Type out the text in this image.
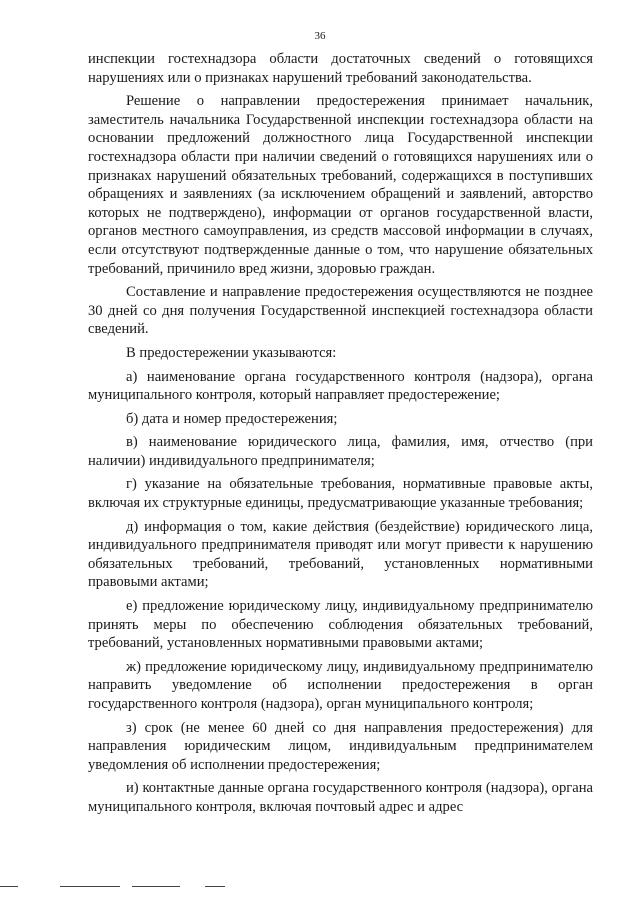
36

инспекции гостехнадзора области достаточных сведений о готовящихся нарушениях или о признаках нарушений требований законодательства.

Решение о направлении предостережения принимает начальник, заместитель начальника Государственной инспекции гостехнадзора области на основании предложений должностного лица Государственной инспекции гостехнадзора области при наличии сведений о готовящихся нарушениях или о признаках нарушений обязательных требований, содержащихся в поступивших обращениях и заявлениях (за исключением обращений и заявлений, авторство которых не подтверждено), информации от органов государственной власти, органов местного самоуправления, из средств массовой информации в случаях, если отсутствуют подтвержденные данные о том, что нарушение обязательных требований, причинило вред жизни, здоровью граждан.

Составление и направление предостережения осуществляются не позднее 30 дней со дня получения Государственной инспекцией гостехнадзора области сведений.

В предостережении указываются:

а) наименование органа государственного контроля (надзора), органа муниципального контроля, который направляет предостережение;

б) дата и номер предостережения;

в) наименование юридического лица, фамилия, имя, отчество (при наличии) индивидуального предпринимателя;

г) указание на обязательные требования, нормативные правовые акты, включая их структурные единицы, предусматривающие указанные требования;

д) информация о том, какие действия (бездействие) юридического лица, индивидуального предпринимателя приводят или могут привести к нарушению обязательных требований, требований, установленных нормативными правовыми актами;

е) предложение юридическому лицу, индивидуальному предпринимателю принять меры по обеспечению соблюдения обязательных требований, требований, установленных нормативными правовыми актами;

ж) предложение юридическому лицу, индивидуальному предпринимателю направить уведомление об исполнении предостережения в орган государственного контроля (надзора), орган муниципального контроля;

з) срок (не менее 60 дней со дня направления предостережения) для направления юридическим лицом, индивидуальным предпринимателем уведомления об исполнении предостережения;

и) контактные данные органа государственного контроля (надзора), органа муниципального контроля, включая почтовый адрес и адрес
